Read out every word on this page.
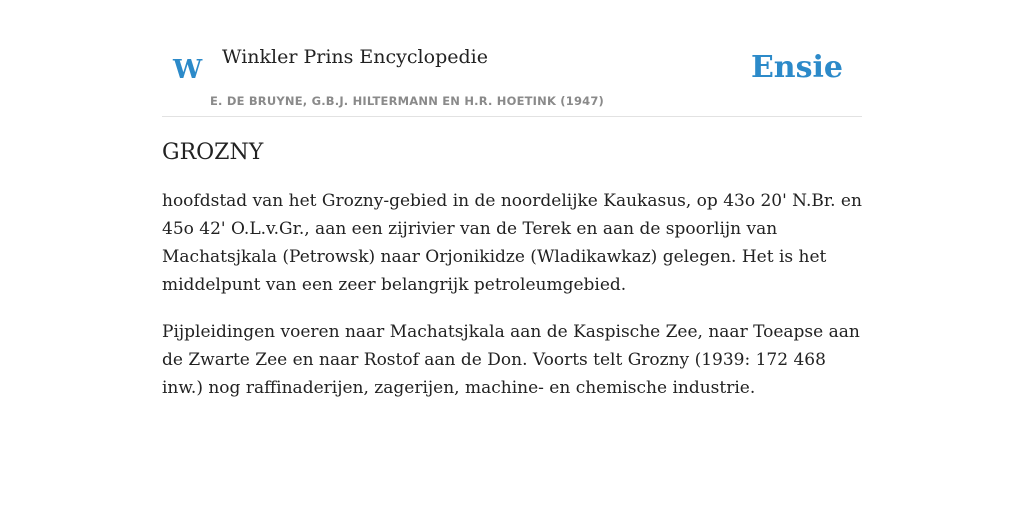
W Winkler Prins Encyclopedie
E. DE BRUYNE, G.B.J. HILTERMANN EN H.R. HOETINK (1947)
Ensie
GROZNY

hoofdstad van het Grozny-gebied in de noordelijke Kaukasus, op 43o 20' N.Br. en 45o 42' O.L.v.Gr., aan een zijrivier van de Terek en aan de spoorlijn van Machatsjkala (Petrowsk) naar Orjonikidze (Wladikawkaz) gelegen. Het is het middelpunt van een zeer belangrijk petroleumgebied.

Pijpleidingen voeren naar Machatsjkala aan de Kaspische Zee, naar Toeapse aan de Zwarte Zee en naar Rostof aan de Don. Voorts telt Grozny (1939: 172 468 inw.) nog raffinaderijen, zagerijen, machine- en chemische industrie.
